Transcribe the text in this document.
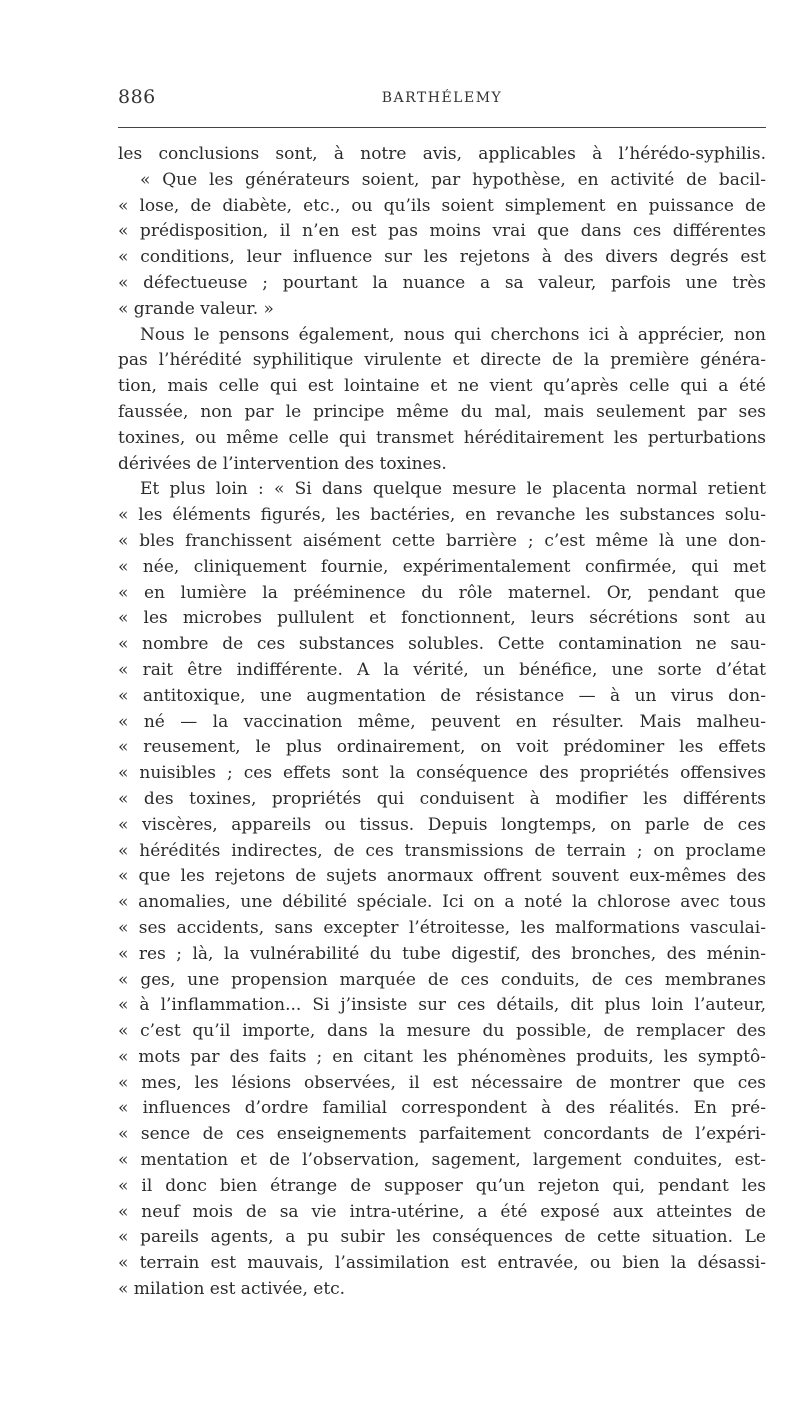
886	BARTHÉLEMY
les conclusions sont, à notre avis, applicables à l’hérédo-syphilis.
« Que les générateurs soient, par hypothèse, en activité de bacil-
« lose, de diabète, etc., ou qu’ils soient simplement en puissance de
« prédisposition, il n’en est pas moins vrai que dans ces différentes
« conditions, leur influence sur les rejetons à des divers degrés est
« défectueuse ; pourtant la nuance a sa valeur, parfois une très
« grande valeur. »
Nous le pensons également, nous qui cherchons ici à apprécier, non
pas l’hérédité syphilitique virulente et directe de la première généra-
tion, mais celle qui est lointaine et ne vient qu’après celle qui a été
faussée, non par le principe même du mal, mais seulement par ses
toxines, ou même celle qui transmet héréditairement les perturbations
dérivées de l’intervention des toxines.
Et plus loin : « Si dans quelque mesure le placenta normal retient
« les éléments figurés, les bactéries, en revanche les substances solu-
« bles franchissent aisément cette barrière ; c’est même là une don-
« née, cliniquement fournie, expérimentalement confirmée, qui met
« en lumière la prééminence du rôle maternel. Or, pendant que
« les microbes pullulent et fonctionnent, leurs sécrétions sont au
« nombre de ces substances solubles. Cette contamination ne sau-
« rait être indifférente. A la vérité, un bénéfice, une sorte d’état
« antitoxique, une augmentation de résistance — à un virus don-
« né — la vaccination même, peuvent en résulter. Mais malheu-
« reusement, le plus ordinairement, on voit prédominer les effets
« nuisibles ; ces effets sont la conséquence des propriétés offensives
« des toxines, propriétés qui conduisent à modifier les différents
« viscères, appareils ou tissus. Depuis longtemps, on parle de ces
« hérédités indirectes, de ces transmissions de terrain ; on proclame
« que les rejetons de sujets anormaux offrent souvent eux-mêmes des
« anomalies, une débilité spéciale. Ici on a noté la chlorose avec tous
« ses accidents, sans excepter l’étroitesse, les malformations vasculai-
« res ; là, la vulnérabilité du tube digestif, des bronches, des ménin-
« ges, une propension marquée de ces conduits, de ces membranes
« à l’inflammation... Si j’insiste sur ces détails, dit plus loin l’auteur,
« c’est qu’il importe, dans la mesure du possible, de remplacer des
« mots par des faits ; en citant les phénomènes produits, les symptô-
« mes, les lésions observées, il est nécessaire de montrer que ces
« influences d’ordre familial correspondent à des réalités. En pré-
« sence de ces enseignements parfaitement concordants de l’expéri-
« mentation et de l’observation, sagement, largement conduites, est-
« il donc bien étrange de supposer qu’un rejeton qui, pendant les
« neuf mois de sa vie intra-utérine, a été exposé aux atteintes de
« pareils agents, a pu subir les conséquences de cette situation. Le
« terrain est mauvais, l’assimilation est entravée, ou bien la désassi-
« milation est activée, etc.
